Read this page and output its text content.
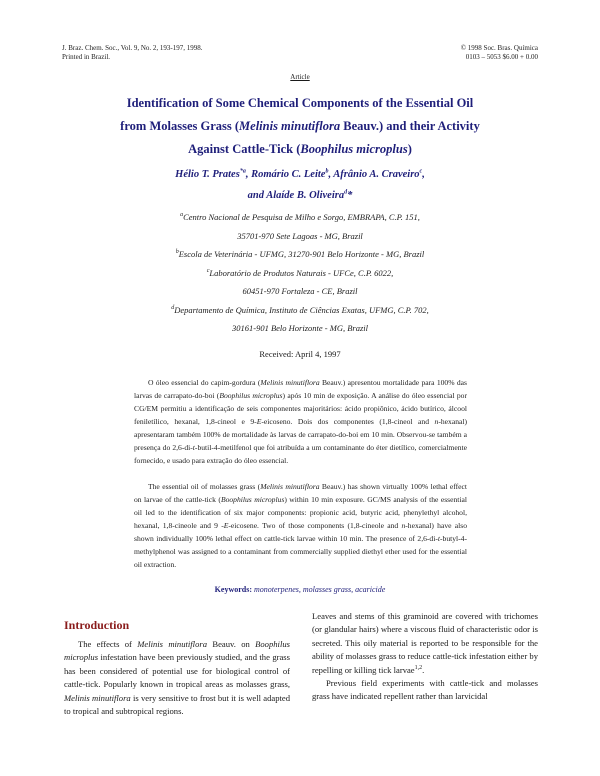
J. Braz. Chem. Soc., Vol. 9, No. 2, 193-197, 1998.
Printed in Brazil.
© 1998 Soc. Bras. Química
0103 – 5053 $6.00 + 0.00
Article
Identification of Some Chemical Components of the Essential Oil
from Molasses Grass (Melinis minutiflora Beauv.) and their Activity
Against Cattle-Tick (Boophilus microplus)
Hélio T. Prates$^{*a}$, Romário C. Leite$^b$, Afrânio A. Craveiro$^c$,
and Alaíde B. Oliveira$^d$*
$^a$Centro Nacional de Pesquisa de Milho e Sorgo, EMBRAPA, C.P. 151,
35701-970 Sete Lagoas - MG, Brazil
$^b$Escola de Veterinária - UFMG, 31270-901 Belo Horizonte - MG, Brazil
$^c$Laboratório de Produtos Naturais - UFCe, C.P. 6022,
60451-970 Fortaleza - CE, Brazil
$^d$Departamento de Química, Instituto de Ciências Exatas, UFMG, C.P. 702,
30161-901 Belo Horizonte - MG, Brazil
Received: April 4, 1997
O óleo essencial do capim-gordura (Melinis minutiflora Beauv.) apresentou mortalidade para 100% das larvas de carrapato-do-boi (Boophilus microplus) após 10 min de exposição. A análise do óleo essencial por CG/EM permitiu a identificação de seis componentes majoritários: ácido propiônico, ácido butírico, álcool feniletílico, hexanal, 1,8-cineol e 9-E-eicoseno. Dois dos componentes (1,8-cineol and n-hexanal) apresentaram também 100% de mortalidade às larvas de carrapato-do-boi em 10 min. Observou-se também a presença do 2,6-di-t-butil-4-metilfenol que foi atribuída a um contaminante do éter dietílico, comercialmente fornecido, e usado para extração do óleo essencial.
The essential oil of molasses grass (Melinis minutiflora Beauv.) has shown virtually 100% lethal effect on larvae of the cattle-tick (Boophilus microplus) within 10 min exposure. GC/MS analysis of the essential oil led to the identification of six major components: propionic acid, butyric acid, phenylethyl alcohol, hexanal, 1,8-cineole and 9 -E-eicosene. Two of those components (1,8-cineole and n-hexanal) have also shown individually 100% lethal effect on cattle-tick larvae within 10 min. The presence of 2,6-di-t-butyl-4-methylphenol was assigned to a contaminant from commercially supplied diethyl ether used for the essential oil extraction.
Keywords: monoterpenes, molasses grass, acaricide
Introduction

The effects of Melinis minutiflora Beauv. on Boophilus microplus infestation have been previously studied, and the grass has been considered of potential use for biological control of cattle-tick. Popularly known in tropical areas as molasses grass, Melinis minutiflora is very sensitive to frost but it is well adapted to tropical and subtropical regions.

Leaves and stems of this graminoid are covered with trichomes (or glandular hairs) where a viscous fluid of characteristic odor is secreted. This oily material is reported to be responsible for the ability of molasses grass to reduce cattle-tick infestation either by repelling or killing tick larvae$^{1,2}$.

Previous field experiments with cattle-tick and molasses grass have indicated repellent rather than larvicidal
